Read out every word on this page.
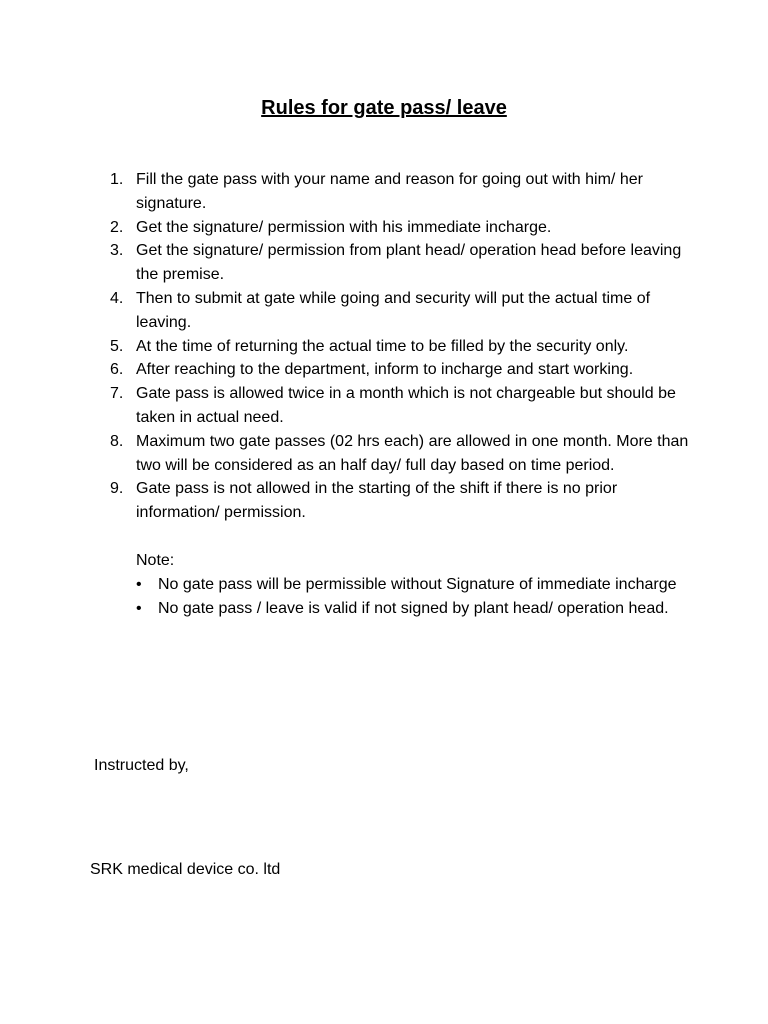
Rules for gate pass/ leave
1. Fill the gate pass with your name and reason for going out with him/ her signature.
2. Get the signature/ permission with his immediate incharge.
3. Get the signature/ permission from plant head/ operation head before leaving the premise.
4. Then to submit at gate while going and security will put the actual time of leaving.
5. At the time of returning the actual time to be filled by the security only.
6. After reaching to the department, inform to incharge and start working.
7. Gate pass is allowed twice in a month which is not chargeable but should be taken in actual need.
8. Maximum two gate passes (02 hrs each) are allowed in one month. More than two will be considered as an half day/ full day based on time period.
9. Gate pass is not allowed in the starting of the shift if there is no prior information/ permission.
Note:
•	No gate pass will be permissible without Signature of immediate incharge
•	No gate pass / leave is valid if not signed by plant head/ operation head.
Instructed by,
SRK medical device co. ltd
